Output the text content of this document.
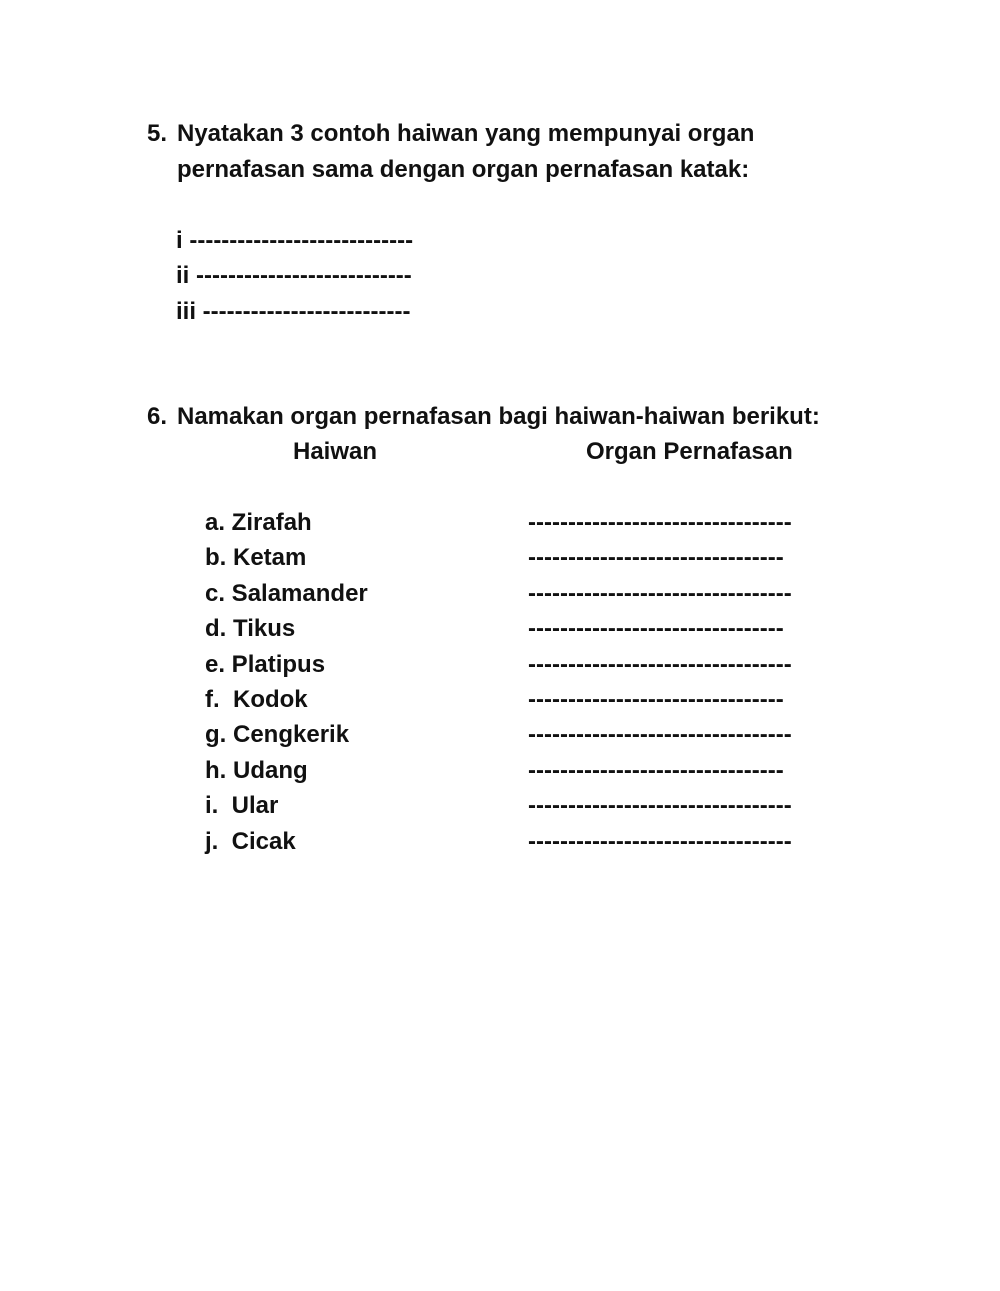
5. Nyatakan 3 contoh haiwan yang mempunyai organ
pernafasan sama dengan organ pernafasan katak:
i ----------------------------
ii ---------------------------
iii --------------------------
6. Namakan organ pernafasan bagi haiwan-haiwan berikut:
Haiwan	Organ Pernafasan
a. Zirafah	---------------------------------
b. Ketam	--------------------------------
c. Salamander	---------------------------------
d. Tikus	--------------------------------
e. Platipus	---------------------------------
f.  Kodok	--------------------------------
g. Cengkerik	---------------------------------
h. Udang	--------------------------------
i.  Ular	---------------------------------
j.  Cicak	---------------------------------
